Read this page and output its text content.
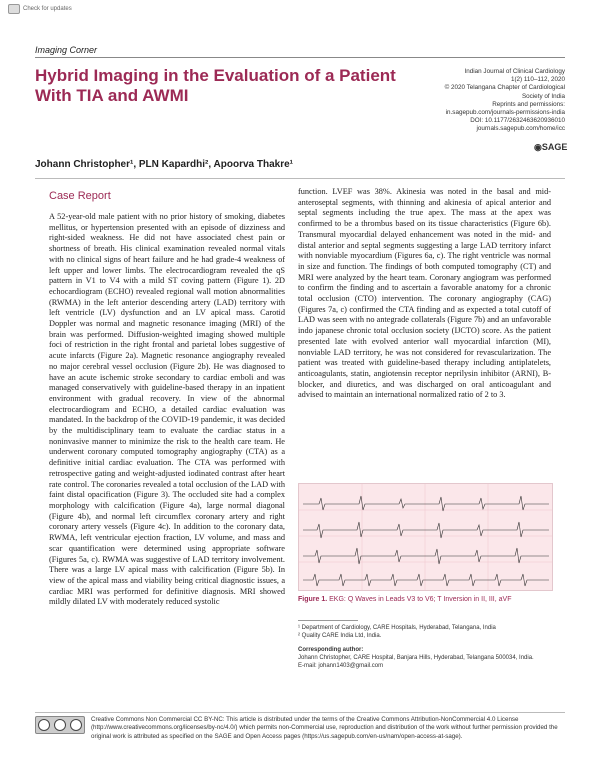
Check for updates
Imaging Corner
Hybrid Imaging in the Evaluation of a Patient With TIA and AWMI
Indian Journal of Clinical Cardiology
1(2) 110–112, 2020
© 2020 Telangana Chapter of Cardiological
Society of India
Reprints and permissions:
in.sagepub.com/journals-permissions-india
DOI: 10.1177/2632463620936010
journals.sagepub.com/home/icc
◉SAGE
Johann Christopher¹, PLN Kapardhi², Apoorva Thakre¹
Case Report

A 52-year-old male patient with no prior history of smoking, diabetes mellitus, or hypertension presented with an episode of dizziness and right-sided weakness. He did not have associated chest pain or shortness of breath. His clinical examination revealed normal vitals with no clinical signs of heart failure and he had grade-4 weakness of left upper and lower limbs. The electrocardiogram revealed the qS pattern in V1 to V4 with a mild ST coving pattern (Figure 1). 2D echocardiogram (ECHO) revealed regional wall motion abnormalities (RWMA) in the left anterior descending artery (LAD) territory with left ventricle (LV) dysfunction and an LV apical mass. Carotid Doppler was normal and magnetic resonance imaging (MRI) of the brain was performed. Diffusion-weighted imaging showed multiple foci of restriction in the right frontal and parietal lobes suggestive of acute infarcts (Figure 2a). Magnetic resonance angiography revealed no major cerebral vessel occlusion (Figure 2b). He was diagnosed to have an acute ischemic stroke secondary to cardiac emboli and was managed conservatively with guideline-based therapy in an inpatient environment with gradual recovery. In view of the abnormal electrocardiogram and ECHO, a detailed cardiac evaluation was mandated. In the backdrop of the COVID-19 pandemic, it was decided by the multidisciplinary team to evaluate the cardiac status in a noninvasive manner to minimize the risk to the health care team. He underwent coronary computed tomography angiography (CTA) as a definitive initial cardiac evaluation. The CTA was performed with retrospective gating and weight-adjusted iodinated contrast after heart rate control. The coronaries revealed a total occlusion of the LAD with faint distal opacification (Figure 3). The occluded site had a complex morphology with calcification (Figure 4a), large normal diagonal (Figure 4b), and normal left circumflex coronary artery and right coronary artery vessels (Figure 4c). In addition to the coronary data, RWMA, left ventricular ejection fraction, LV volume, and mass and scar quantification were determined using appropriate software (Figures 5a, c). RWMA was suggestive of LAD territory involvement. There was a large LV apical mass with calcification (Figure 5b). In view of the apical mass and viability being critical diagnostic issues, a cardiac MRI was performed for definitive diagnosis. MRI showed mildly dilated LV with moderately reduced systolic

function. LVEF was 38%. Akinesia was noted in the basal and mid-anteroseptal segments, with thinning and akinesia of apical anterior and septal segments including the true apex. The mass at the apex was confirmed to be a thrombus based on its tissue characteristics (Figure 6b). Transmural myocardial delayed enhancement was noted in the mid- and distal anterior and septal segments suggesting a large LAD territory infarct with nonviable myocardium (Figures 6a, c). The right ventricle was normal in size and function. The findings of both computed tomography (CT) and MRI were analyzed by the heart team. Coronary angiogram was performed to confirm the finding and to ascertain a favorable anatomy for a chronic total occlusion (CTO) intervention. The coronary angiography (CAG) (Figures 7a, c) confirmed the CTA finding and as expected a total cutoff of LAD was seen with no antegrade collaterals (Figure 7b) and an unfavorable indo japanese chronic total occlusion society (IJCTO) score. As the patient presented late with evolved anterior wall myocardial infarction (MI), nonviable LAD territory, he was not considered for revascularization. The patient was treated with guideline-based therapy including antiplatelets, anticoagulants, statin, angiotensin receptor neprilysin inhibitor (ARNI), B-blocker, and diuretics, and was discharged on oral anticoagulant and advised to maintain an international normalized ratio of 2 to 3.

Figure 1. EKG: Q Waves in Leads V3 to V6; T Inversion in II, III, aVF
¹ Department of Cardiology, CARE Hospitals, Hyderabad, Telangana, India
² Quality CARE India Ltd, India.
Corresponding author:
Johann Christopher, CARE Hospital, Banjara Hills, Hyderabad, Telangana 500034, India.
E-mail: johann1403@gmail.com
Creative Commons Non Commercial CC BY-NC: This article is distributed under the terms of the Creative Commons Attribution-NonCommercial 4.0 License (http://www.creativecommons.org/licenses/by-nc/4.0/) which permits non-Commercial use, reproduction and distribution of the work without further permission provided the original work is attributed as specified on the SAGE and Open Access pages (https://us.sagepub.com/en-us/nam/open-access-at-sage).
